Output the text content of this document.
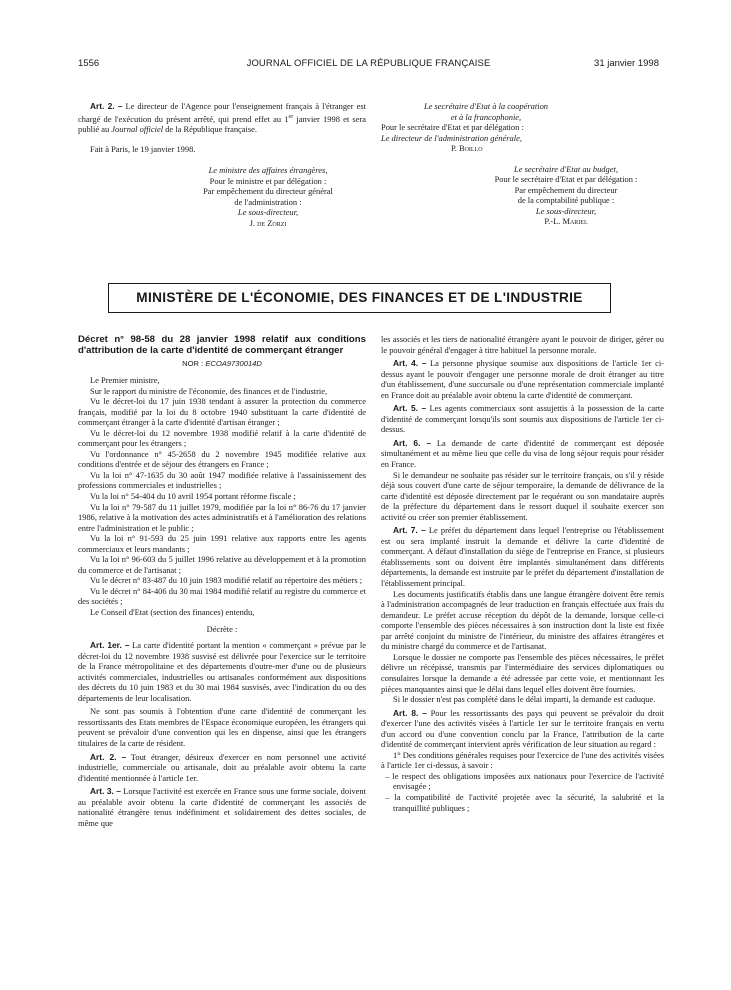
1556	JOURNAL OFFICIEL DE LA RÉPUBLIQUE FRANÇAISE	31 janvier 1998

Art. 2. – Le directeur de l'Agence pour l'enseignement français à l'étranger est chargé de l'exécution du présent arrêté, qui prend effet au 1er janvier 1998 et sera publié au Journal officiel de la République française.

Fait à Paris, le 19 janvier 1998.

Le ministre des affaires étrangères,

Pour le ministre et par délégation :

Par empêchement du directeur général

de l'administration :

Le sous-directeur,

J. de Zorzi

Le secrétaire d'Etat à la coopération

et à la francophonie,

Pour le secrétaire d'Etat et par délégation :

Le directeur de l'administration générale,

P. Boillo

Le secrétaire d'Etat au budget,

Pour le secrétaire d'Etat et par délégation :

Par empêchement du directeur

de la comptabilité publique :

Le sous-directeur,

P.-L. Mariel

MINISTÈRE DE L'ÉCONOMIE, DES FINANCES ET DE L'INDUSTRIE

Décret n° 98-58 du 28 janvier 1998 relatif aux conditions d'attribution de la carte d'identité de commerçant étranger

NOR : ECOA9730014D

Le Premier ministre,

Sur le rapport du ministre de l'économie, des finances et de l'industrie,

Vu le décret-loi du 17 juin 1938 tendant à assurer la protection du commerce français, modifié par la loi du 8 octobre 1940 substituant la carte d'identité de commerçant étranger à la carte d'identité d'artisan étranger ;

Vu le décret-loi du 12 novembre 1938 modifié relatif à la carte d'identité de commerçant pour les étrangers ;

Vu l'ordonnance n° 45-2658 du 2 novembre 1945 modifiée relative aux conditions d'entrée et de séjour des étrangers en France ;

Vu la loi n° 47-1635 du 30 août 1947 modifiée relative à l'assainissement des professions commerciales et industrielles ;

Vu la loi n° 54-404 du 10 avril 1954 portant réforme fiscale ;

Vu la loi n° 79-587 du 11 juillet 1979, modifiée par la loi n° 86-76 du 17 janvier 1986, relative à la motivation des actes administratifs et à l'amélioration des relations entre l'administration et le public ;

Vu la loi n° 91-593 du 25 juin 1991 relative aux rapports entre les agents commerciaux et leurs mandants ;

Vu la loi n° 96-603 du 5 juillet 1996 relative au développement et à la promotion du commerce et de l'artisanat ;

Vu le décret n° 83-487 du 10 juin 1983 modifié relatif au répertoire des métiers ;

Vu le décret n° 84-406 du 30 mai 1984 modifié relatif au registre du commerce et des sociétés ;

Le Conseil d'Etat (section des finances) entendu,

Décrète :

Art. 1er. – La carte d'identité portant la mention « commerçant » prévue par le décret-loi du 12 novembre 1938 susvisé est délivrée pour l'exercice sur le territoire de la France métropolitaine et des départements d'outre-mer d'une ou de plusieurs activités commerciales, industrielles ou artisanales conformément aux dispositions des décrets du 10 juin 1983 et du 30 mai 1984 susvisés, avec l'indication du ou des départements de leur localisation.

Ne sont pas soumis à l'obtention d'une carte d'identité de commerçant les ressortissants des Etats membres de l'Espace économique européen, les étrangers qui peuvent se prévaloir d'une convention qui les en dispense, ainsi que les étrangers titulaires de la carte de résident.

Art. 2. – Tout étranger, désireux d'exercer en nom personnel une activité industrielle, commerciale ou artisanale, doit au préalable avoir obtenu la carte d'identité mentionnée à l'article 1er.

Art. 3. – Lorsque l'activité est exercée en France sous une forme sociale, doivent au préalable avoir obtenu la carte d'identité de commerçant les associés de nationalité étrangère tenus indéfiniment et solidairement des dettes sociales, de même que

les associés et les tiers de nationalité étrangère ayant le pouvoir de diriger, gérer ou le pouvoir général d'engager à titre habituel la personne morale.

Art. 4. – La personne physique soumise aux dispositions de l'article 1er ci-dessus ayant le pouvoir d'engager une personne morale de droit étranger au titre d'un établissement, d'une succursale ou d'une représentation commerciale implanté en France doit au préalable avoir obtenu la carte d'identité de commerçant.

Art. 5. – Les agents commerciaux sont assujettis à la possession de la carte d'identité de commerçant lorsqu'ils sont soumis aux dispositions de l'article 1er ci-dessus.

Art. 6. – La demande de carte d'identité de commerçant est déposée simultanément et au même lieu que celle du visa de long séjour requis pour résider en France.

Si le demandeur ne souhaite pas résider sur le territoire français, ou s'il y réside déjà sous couvert d'une carte de séjour temporaire, la demande de délivrance de la carte d'identité est déposée directement par le requérant ou son mandataire auprès de la préfecture du département dans le ressort duquel il souhaite exercer son activité ou créer son premier établissement.

Art. 7. – Le préfet du département dans lequel l'entreprise ou l'établissement est ou sera implanté instruit la demande et délivre la carte d'identité de commerçant. A défaut d'installation du siège de l'entreprise en France, si plusieurs établissements sont ou doivent être implantés simultanément dans différents départements, la demande est instruite par le préfet du département d'installation de l'établissement principal.

Les documents justificatifs établis dans une langue étrangère doivent être remis à l'administration accompagnés de leur traduction en français effectuée aux frais du demandeur. Le préfet accuse réception du dépôt de la demande, lorsque celle-ci comporte l'ensemble des pièces nécessaires à son instruction dont la liste est fixée par arrêté conjoint du ministre de l'intérieur, du ministre des affaires étrangères et du ministre chargé du commerce et de l'artisanat.

Lorsque le dossier ne comporte pas l'ensemble des pièces nécessaires, le préfet délivre un récépissé, transmis par l'intermédiaire des services diplomatiques ou consulaires lorsque la demande a été adressée par cette voie, et mentionnant les pièces manquantes ainsi que le délai dans lequel elles doivent être fournies.

Si le dossier n'est pas complété dans le délai imparti, la demande est caduque.

Art. 8. – Pour les ressortissants des pays qui peuvent se prévaloir du droit d'exercer l'une des activités visées à l'article 1er sur le territoire français en vertu d'un accord ou d'une convention conclu par la France, l'attribution de la carte d'identité de commerçant intervient après vérification de leur situation au regard :

1° Des conditions générales requises pour l'exercice de l'une des activités visées à l'article 1er ci-dessus, à savoir :

– le respect des obligations imposées aux nationaux pour l'exercice de l'activité envisagée ;

– la compatibilité de l'activité projetée avec la sécurité, la salubrité et la tranquillité publiques ;
